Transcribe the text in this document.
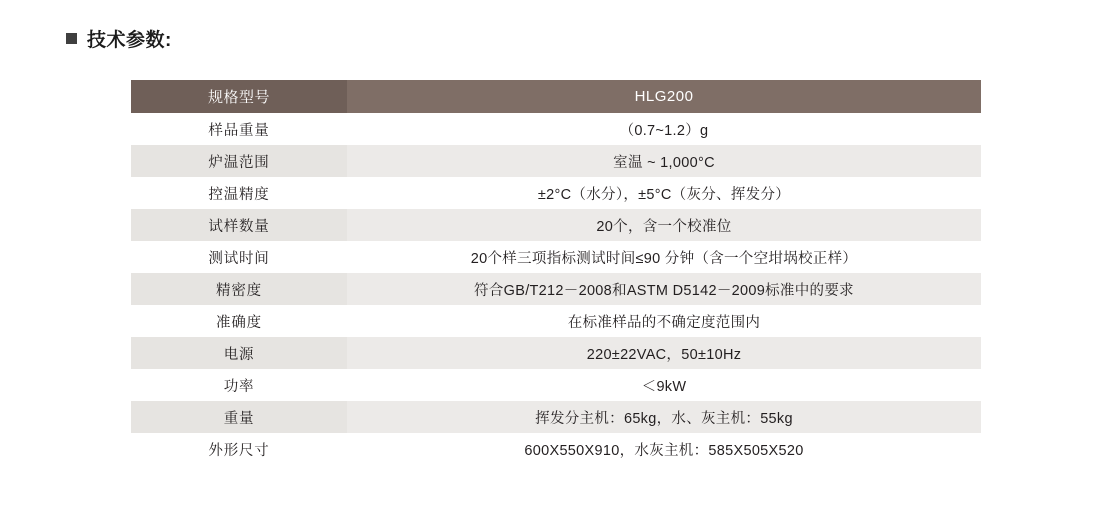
技术参数:
规格型号	HLG200
样品重量	（0.7~1.2）g
炉温范围	室温 ~ 1,000°C
控温精度	±2°C（水分），±5°C（灰分、挥发分）
试样数量	20个，含一个校准位
测试时间	20个样三项指标测试时间≤90 分钟（含一个空坩埚校正样）
精密度	符合GB/T212－2008和ASTM D5142－2009标准中的要求
准确度	在标准样品的不确定度范围内
电源	220±22VAC，50±10Hz
功率	＜9kW
重量	挥发分主机：65kg，水、灰主机：55kg
外形尺寸	600X550X910，水灰主机：585X505X520
